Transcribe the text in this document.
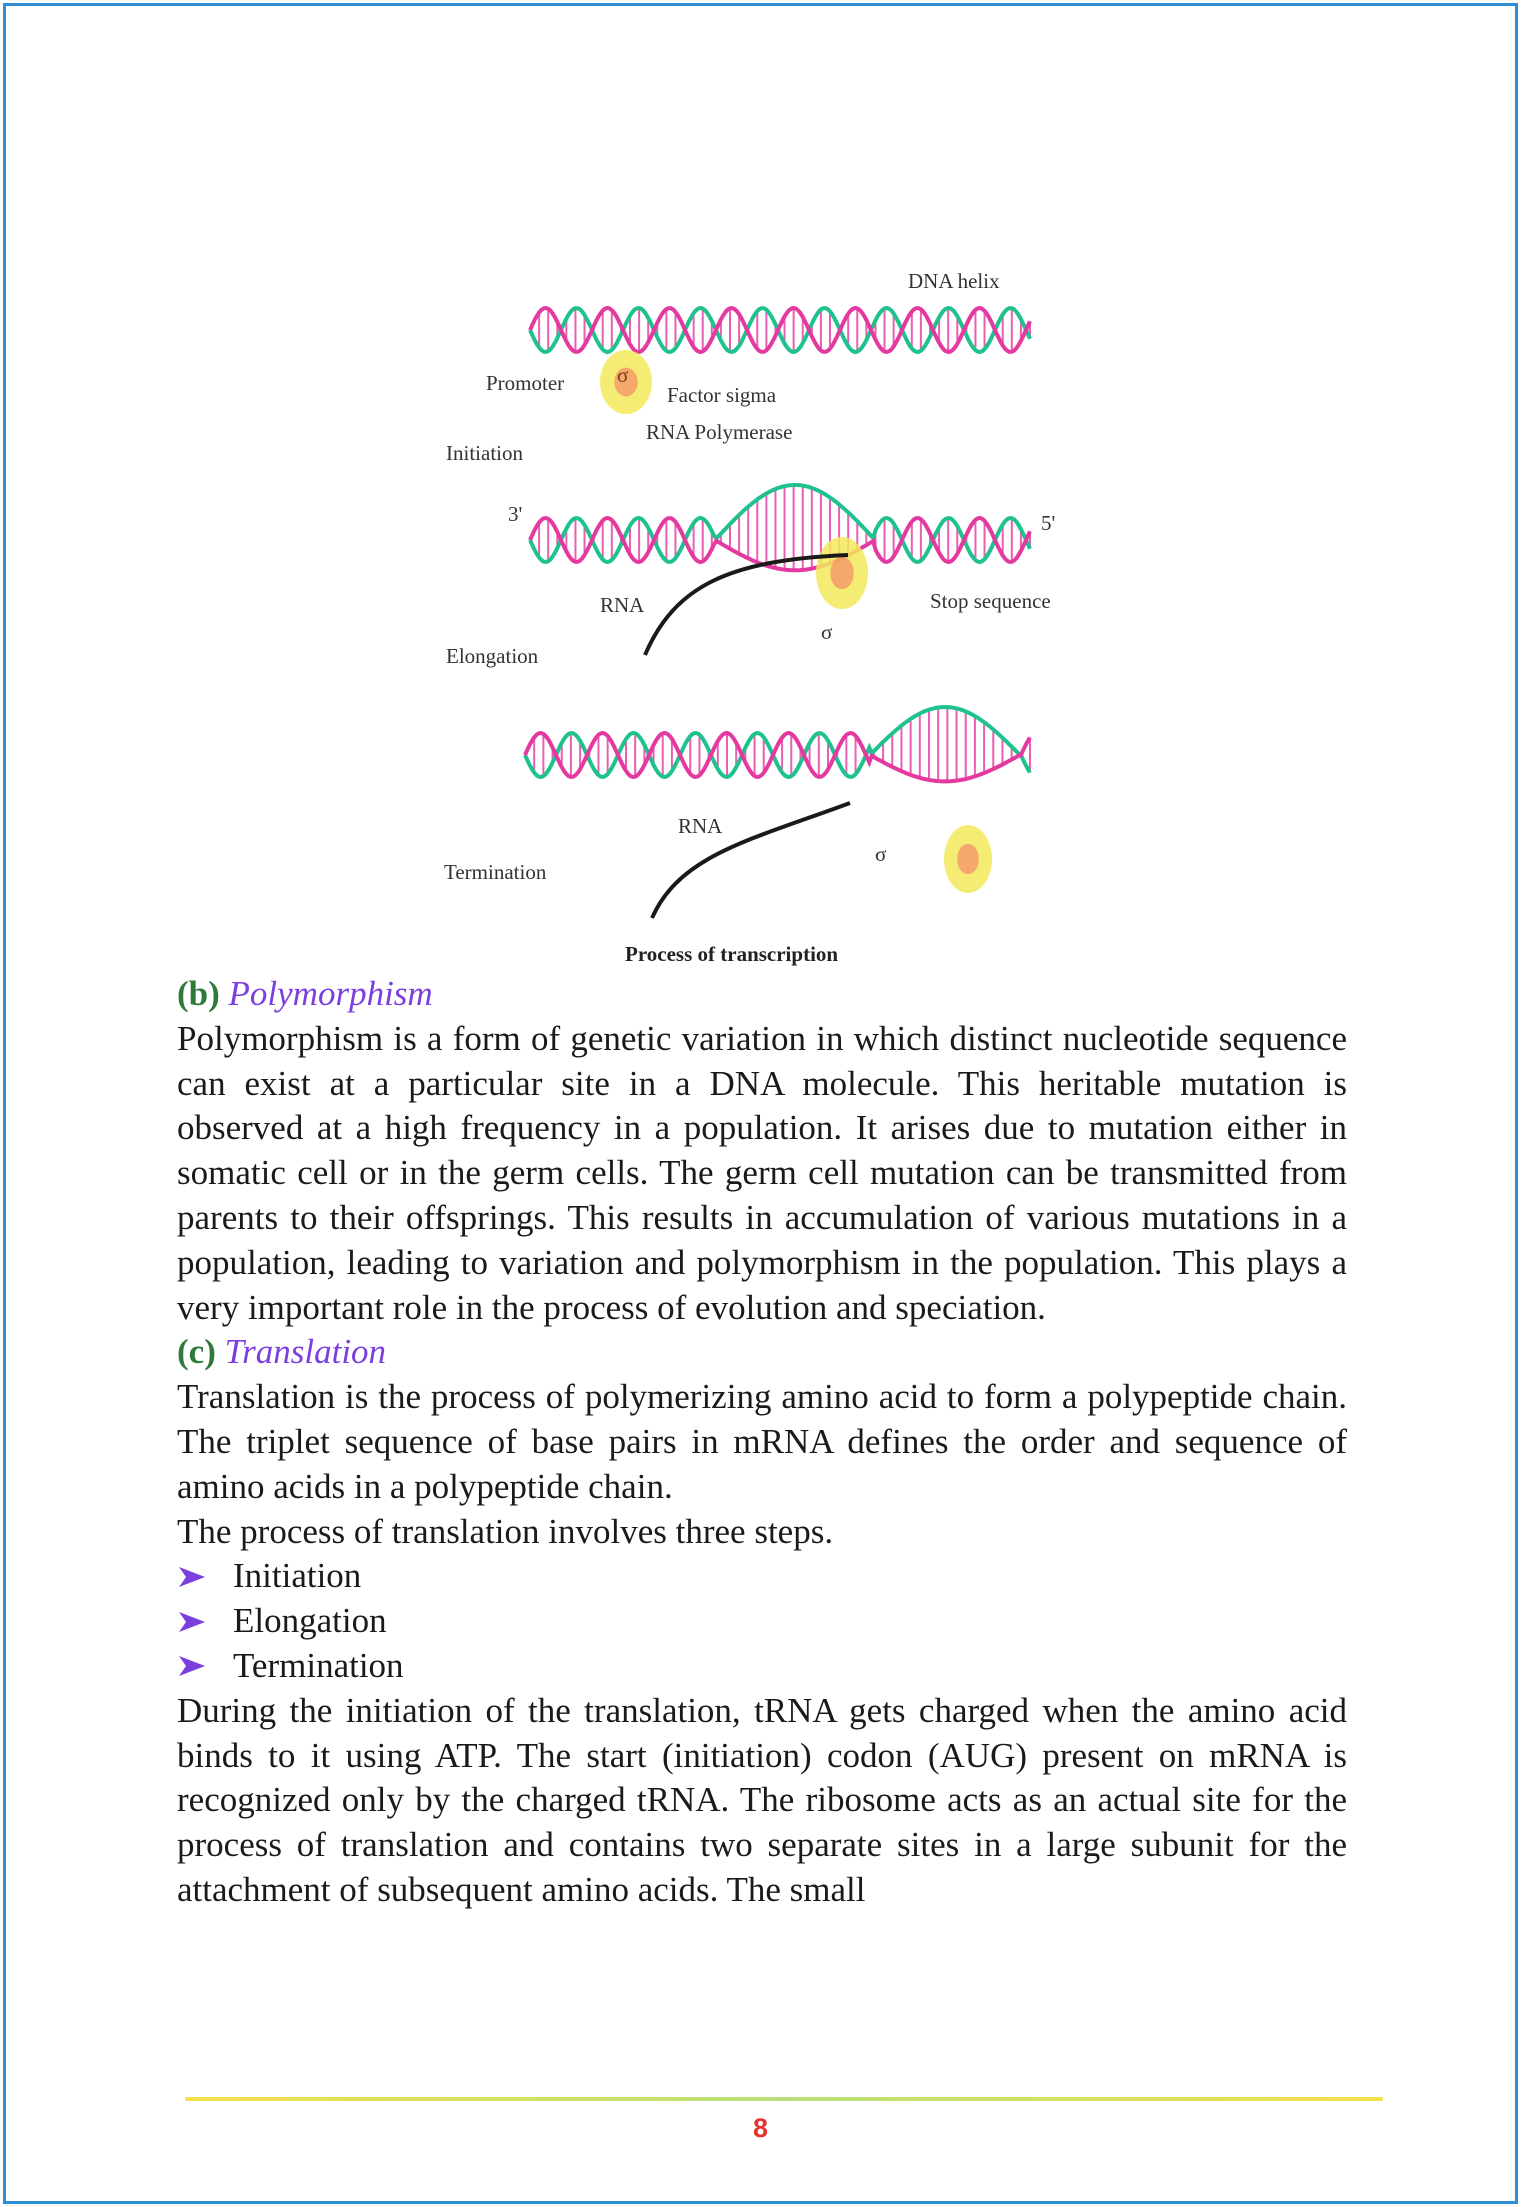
DNA helix
Promoter	σ
Factor sigma
RNA Polymerase
Initiation
3'	5'
RNA	Stop sequence
σ
Elongation
RNA
σ
Termination
Process of transcription
(b) Polymorphism

Polymorphism is a form of genetic variation in which distinct nucleotide sequence can exist at a particular site in a DNA molecule. This heritable mutation is observed at a high frequency in a population. It arises due to mutation either in somatic cell or in the germ cells. The germ cell mutation can be transmitted from parents to their offsprings. This results in accumulation of various mutations in a population, leading to variation and polymorphism in the population. This plays a very important role in the process of evolution and speciation.

(c) Translation

Translation is the process of polymerizing amino acid to form a polypeptide chain. The triplet sequence of base pairs in mRNA defines the order and sequence of amino acids in a polypeptide chain.

The process of translation involves three steps.

Initiation
Elongation
Termination

During the initiation of the translation, tRNA gets charged when the amino acid binds to it using ATP. The start (initiation) codon (AUG) present on mRNA is recognized only by the charged tRNA. The ribosome acts as an actual site for the process of translation and contains two separate sites in a large subunit for the attachment of subsequent amino acids. The small

8
